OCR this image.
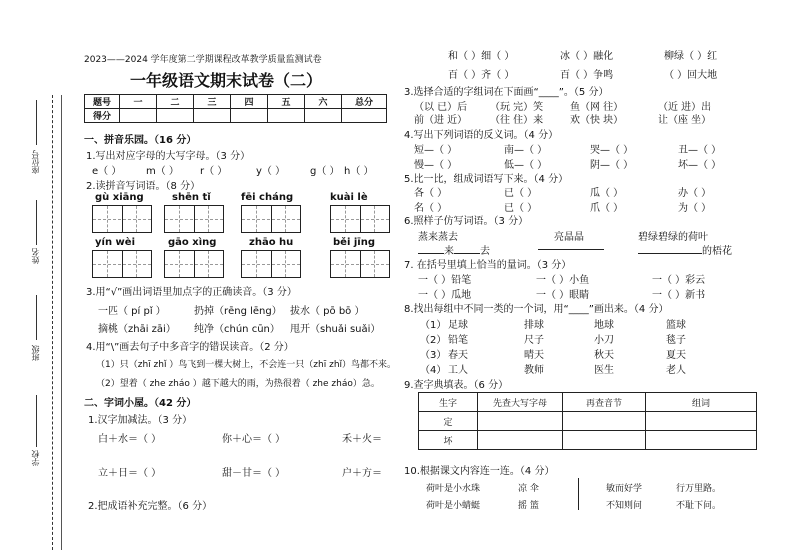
座位号
姓名
班级
学校
2023——2024 学年度第二学期课程改革教学质量监测试卷
一年级语文期末试卷（二）
题号	一	二	三	四	五	六	总分
得分							
一、拼音乐园。（16 分）
1.写出对应字母的大写字母。（3 分）
e（ ） m（ ） r（ ）	y（ ） g（ ） h（ ）
2.读拼音写词语。（8 分）
gù xiāng	shēn tǐ	fēi cháng	kuài lè
yín wèi	gāo xìng	zhāo hu	běi jīng
3.用“√”画出词语里加点字的正确读音。（3 分）
一匹（ pí pǐ ）	扔掉（rēng lēng） 拔水（ pō bō ）
摘桃（zhāi zāi） 纯净（chún cūn） 甩开（shuǎi suǎi）
4.用“\”画去句子中多音字的错误读音。（2 分）
（1）只（zhī zhǐ ）鸟飞到一棵大树上，不会连一只（zhī zhǐ）鸟都不来。
（2）望着（ zhe zháo ）越下越大的雨，为热很着（ zhe zháo）急。
二、字词小屋。（42 分）
1.汉字加减法。（3 分）
白＋水＝（ ）	你＋心＝（ ）	禾＋火＝
立＋日＝（ ）	甜－甘＝（ ）	户＋方＝
2.把成语补充完整。（6 分）
和（ ）细（ ）	冰（ ）融化	柳绿（ ）红
百（ ）齐（ ）	百（ ）争鸣	（ ）回大地
3.选择合适的字组词在下面画“____”。（5 分）
（以 已）后 （玩 完）笑	鱼（网 往）	（近 进）出
前（进 近） （往 住）来	欢（快 块）	让（座 坐）
4.写出下列词语的反义词。（4 分）
短—（ ）	南—（ ）	哭—（ ）	丑—（ ）
慢—（ ）	低—（ ）	阴—（ ）	坏—（ ）
5.比一比，组成词语写下来。（4 分）
各（ ）	已（ ）	瓜（ ）	办（ ）
名（ ）	已（ ）	爪（ ）	为（ ）
6.照样子仿写词语。（3 分）
蒸来蒸去	亮晶晶	碧绿碧绿的荷叶
来	去	的梧花
7. 在括号里填上恰当的量词。（3 分）
一（ ）铅笔	一（ ）小鱼	一（ ）彩云
一（ ）瓜地	一（ ）眼睛	一（ ）新书
8.找出每组中不同一类的一个词，用“____”画出来。（4 分）
（1） 足球	排球	地球	篮球
（2） 铅笔	尺子	小刀	毯子
（3） 春天	晴天	秋天	夏天
（4） 工人	教师	医生	老人
9.查字典填表。（6 分）
生字	先查大写字母	再查音节	组词
定			
坏			
10.根据课文内容连一连。（4 分）
荷叶是小水珠
荷叶是小蜻蜓
凉 伞
摇 篮
敏而好学
不知则问
行万里路。
不耻下问。
